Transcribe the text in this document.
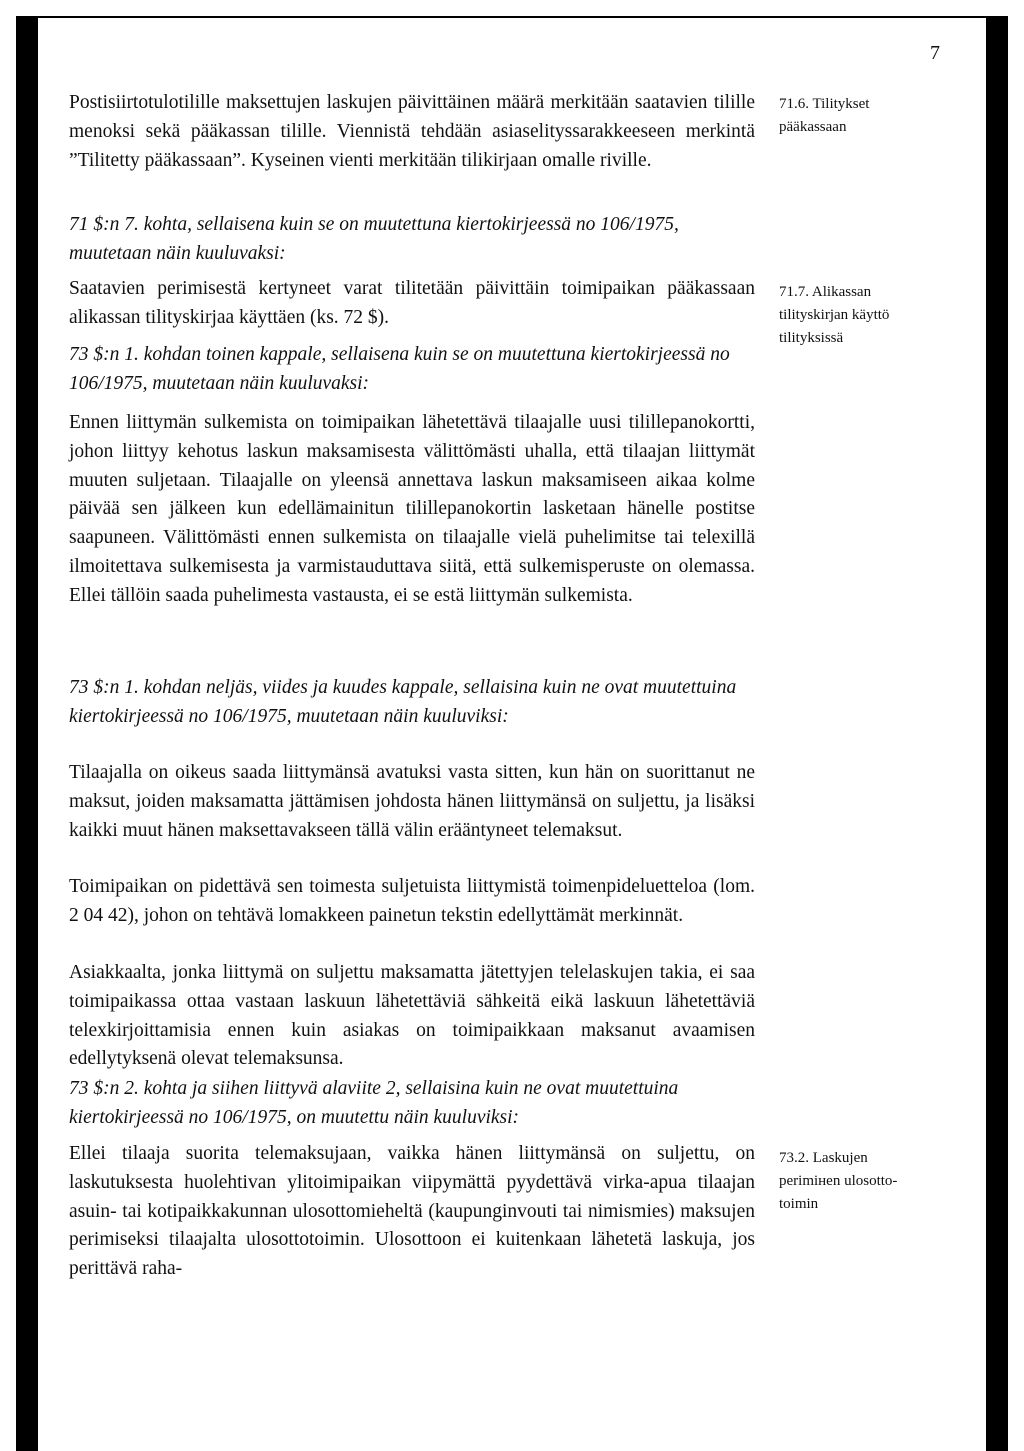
7
71.6. Tilitykset
pääkassaan
71.7. Alikassan
tilityskirjan käyttö
tilityksissä
73.2. Laskujen
perimінen ulosotto-
toimin

Postisiirtotulotilille maksettujen laskujen päivittäinen määrä merkitään saatavien tilille menoksi sekä pääkassan tilille. Viennistä tehdään asiaselityssarakkeeseen merkintä ”Tilitetty pääkassaan”. Kyseinen vienti merkitään tilikirjaan omalle riville.

71 $:n 7. kohta, sellaisena kuin se on muutettuna kiertokirjeessä no 106/1975, muutetaan näin kuuluvaksi:

Saatavien perimisestä kertyneet varat tilitetään päivittäin toimipaikan pääkassaan alikassan tilityskirjaa käyttäen (ks. 72 $).

73 $:n 1. kohdan toinen kappale, sellaisena kuin se on muutettuna kiertokirjeessä no 106/1975, muutetaan näin kuuluvaksi:

Ennen liittymän sulkemista on toimipaikan lähetettävä tilaajalle uusi tilillepanokortti, johon liittyy kehotus laskun maksamisesta välittömästi uhalla, että tilaajan liittymät muuten suljetaan. Tilaajalle on yleensä annettava laskun maksamiseen aikaa kolme päivää sen jälkeen kun edellämainitun tilillepanokortin lasketaan hänelle postitse saapuneen. Välittömästi ennen sulkemista on tilaajalle vielä puhelimitse tai telexillä ilmoitettava sulkemisesta ja varmistauduttava siitä, että sulkemisperuste on olemassa. Ellei tällöin saada puhelimesta vastausta, ei se estä liittymän sulkemista.

73 $:n 1. kohdan neljäs, viides ja kuudes kappale, sellaisina kuin ne ovat muutettuina kiertokirjeessä no 106/1975, muutetaan näin kuuluviksi:

Tilaajalla on oikeus saada liittymänsä avatuksi vasta sitten, kun hän on suorittanut ne maksut, joiden maksamatta jättämisen johdosta hänen liittymänsä on suljettu, ja lisäksi kaikki muut hänen maksettavakseen tällä välin erääntyneet telemaksut.

Toimipaikan on pidettävä sen toimesta suljetuista liittymistä toimenpideluetteloa (lom. 2 04 42), johon on tehtävä lomakkeen painetun tekstin edellyttämät merkinnät.

Asiakkaalta, jonka liittymä on suljettu maksamatta jätettyjen telelaskujen takia, ei saa toimipaikassa ottaa vastaan laskuun lähetettäviä sähkeitä eikä laskuun lähetettäviä telexkirjoittamisia ennen kuin asiakas on toimipaikkaan maksanut avaamisen edellytyksenä olevat telemaksunsa.

73 $:n 2. kohta ja siihen liittyvä alaviite 2, sellaisina kuin ne ovat muutettuina kiertokirjeessä no 106/1975, on muutettu näin kuuluviksi:

Ellei tilaaja suorita telemaksujaan, vaikka hänen liittymänsä on suljettu, on laskutuksesta huolehtivan ylitoimipaikan viipymättä pyydettävä virka-apua tilaajan asuin- tai kotipaikkakunnan ulosottomieheltä (kaupunginvouti tai nimismies) maksujen perimiseksi tilaajalta ulosottotoimin. Ulosottoon ei kuitenkaan lähetetä laskuja, jos perittävä raha-
